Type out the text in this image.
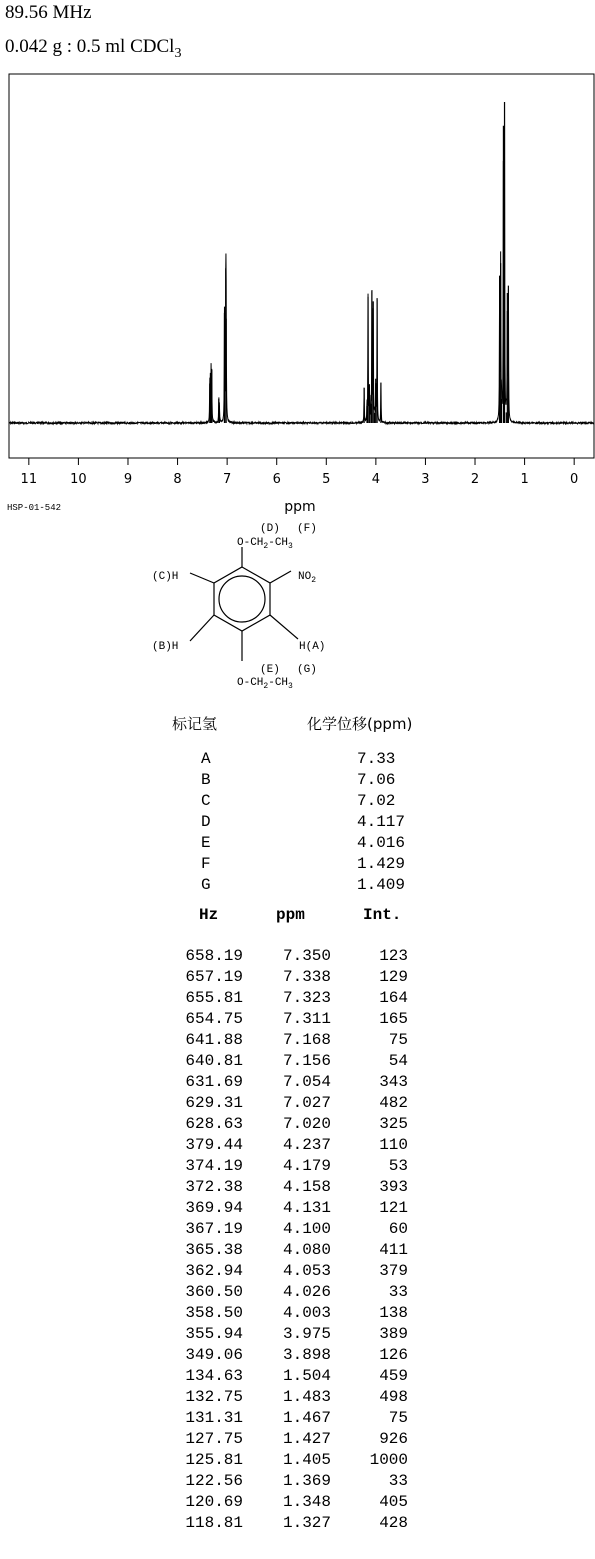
89.56 MHz
0.042 g : 0.5 ml CDCl$_3$
11	10	9	8	7	6	5	4	3	2	1	0
ppm
HSP-01-542
(D) (F)
$O-CH_2-CH_3$
$NO_2$
(C)H
(B)H	H(A)
(E) (G)
$O-CH_2-CH_3$
标记氢	化学位移(ppm)
A	7.33
B	7.06
C	7.02
D	4.117
E	4.016
F	1.429
G	1.409
Hz	ppm	Int.
658.19	7.350	123
657.19	7.338	129
655.81	7.323	164
654.75	7.311	165
641.88	7.168	75
640.81	7.156	54
631.69	7.054	343
629.31	7.027	482
628.63	7.020	325
379.44	4.237	110
374.19	4.179	53
372.38	4.158	393
369.94	4.131	121
367.19	4.100	60
365.38	4.080	411
362.94	4.053	379
360.50	4.026	33
358.50	4.003	138
355.94	3.975	389
349.06	3.898	126
134.63	1.504	459
132.75	1.483	498
131.31	1.467	75
127.75	1.427	926
125.81	1.405	1000
122.56	1.369	33
120.69	1.348	405
118.81	1.327	428
